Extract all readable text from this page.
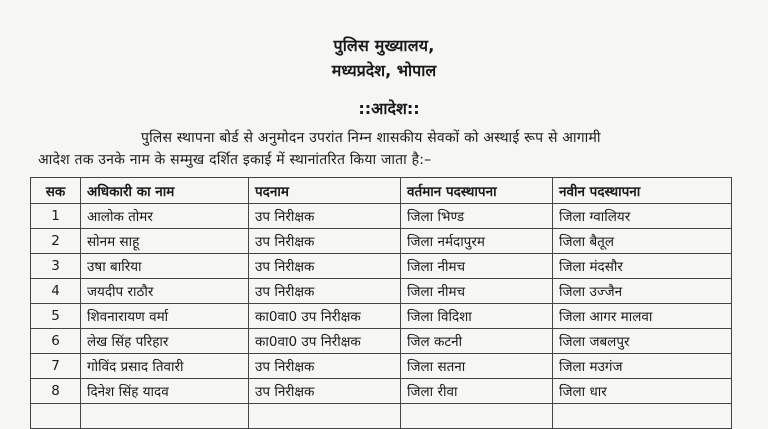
पुलिस मुख्यालय,
मध्यप्रदेश, भोपाल
::आदेश::
पुलिस स्थापना बोर्ड से अनुमोदन उपरांत निम्न शासकीय सेवकों को अस्थाई रूप से आगामी
आदेश तक उनके नाम के सम्मुख दर्शित इकाई में स्थानांतरित किया जाता है:–
सक	अधिकारी का नाम	पदनाम	वर्तमान पदस्थापना	नवीन पदस्थापना
1	आलोक तोमर	उप निरीक्षक	जिला भिण्ड	जिला ग्वालियर
2	सोनम साहू	उप निरीक्षक	जिला नर्मदापुरम	जिला बैतूल
3	उषा बारिया	उप निरीक्षक	जिला नीमच	जिला मंदसौर
4	जयदीप राठौर	उप निरीक्षक	जिला नीमच	जिला उज्जैन
5	शिवनारायण वर्मा	का0वा0 उप निरीक्षक	जिला विदिशा	जिला आगर मालवा
6	लेख सिंह परिहार	का0वा0 उप निरीक्षक	जिल कटनी	जिला जबलपुर
7	गोविंद प्रसाद तिवारी	उप निरीक्षक	जिला सतना	जिला मउगंज
8	दिनेश सिंह यादव	उप निरीक्षक	जिला रीवा	जिला धार
